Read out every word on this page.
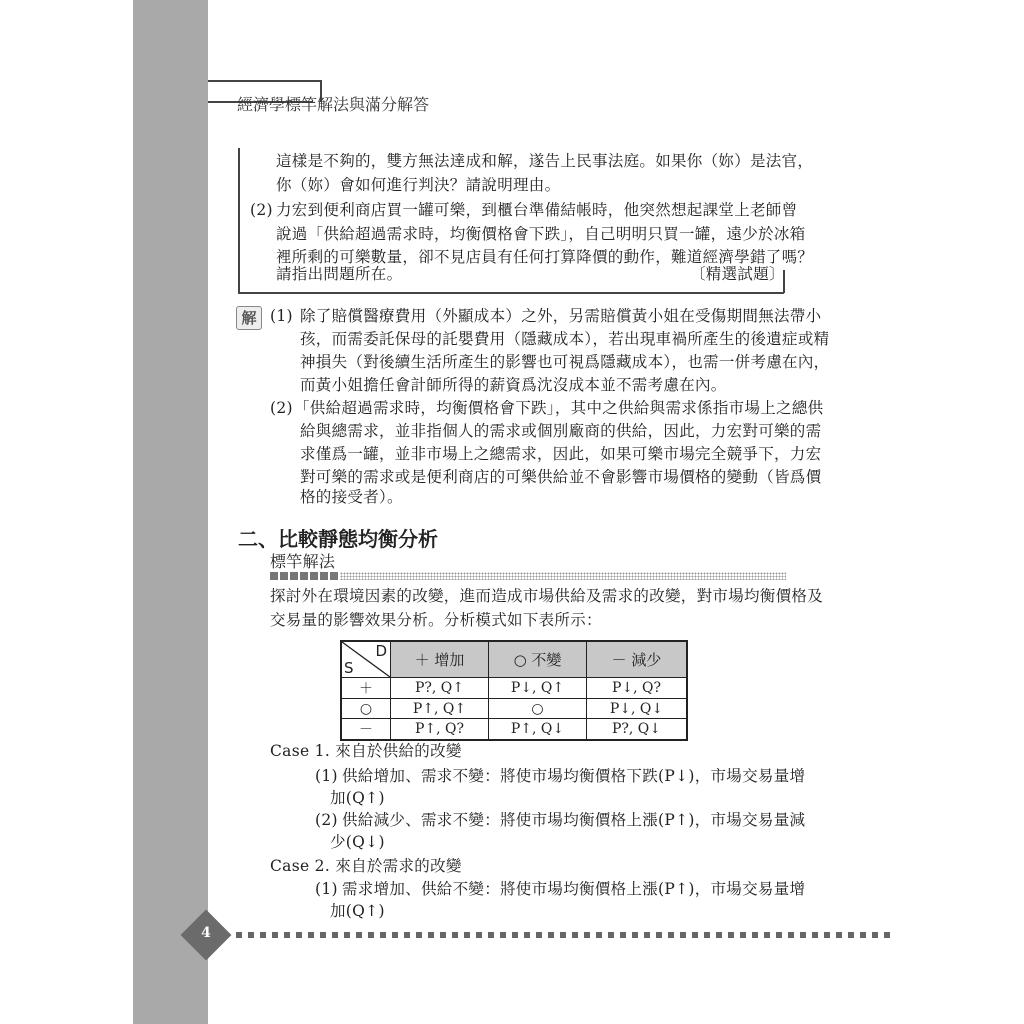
經濟學標竿解法與滿分解答
這樣是不夠的，雙方無法達成和解，遂告上民事法庭。如果你（妳）是法官，
你（妳）會如何進行判決？請說明理由。
(2) 力宏到便利商店買一罐可樂，到櫃台準備結帳時，他突然想起課堂上老師曾
說過「供給超過需求時，均衡價格會下跌」，自己明明只買一罐，遠少於冰箱
裡所剩的可樂數量，卻不見店員有任何打算降價的動作，難道經濟學錯了嗎？
請指出問題所在。	〔精選試題〕
解 (1) 除了賠償醫療費用（外顯成本）之外，另需賠償黃小姐在受傷期間無法帶小
孩，而需委託保母的託嬰費用（隱藏成本），若出現車禍所產生的後遺症或精
神損失（對後續生活所產生的影響也可視爲隱藏成本），也需一併考慮在內，
而黃小姐擔任會計師所得的薪資爲沈沒成本並不需考慮在內。
(2) 「供給超過需求時，均衡價格會下跌」，其中之供給與需求係指市場上之總供
給與總需求，並非指個人的需求或個別廠商的供給，因此，力宏對可樂的需
求僅爲一罐，並非市場上之總需求，因此，如果可樂市場完全競爭下，力宏
對可樂的需求或是便利商店的可樂供給並不會影響市場價格的變動（皆爲價
格的接受者）。
二、比較靜態均衡分析
標竿解法
探討外在環境因素的改變，進而造成市場供給及需求的改變，對市場均衡價格及
交易量的影響效果分析。分析模式如下表所示：
D
S	＋ 增加	○ 不變	－ 減少
＋	P?, Q↑	P↓, Q↑	P↓, Q?
○	P↑, Q↑	○	P↓, Q↓
－	P↑, Q?	P↑, Q↓	P?, Q↓
Case 1. 來自於供給的改變
(1) 供給增加、需求不變：將使市場均衡價格下跌(P↓)，市場交易量增
加(Q↑)
(2) 供給減少、需求不變：將使市場均衡價格上漲(P↑)，市場交易量減
少(Q↓)
Case 2. 來自於需求的改變
(1) 需求增加、供給不變：將使市場均衡價格上漲(P↑)，市場交易量增
加(Q↑)
4
